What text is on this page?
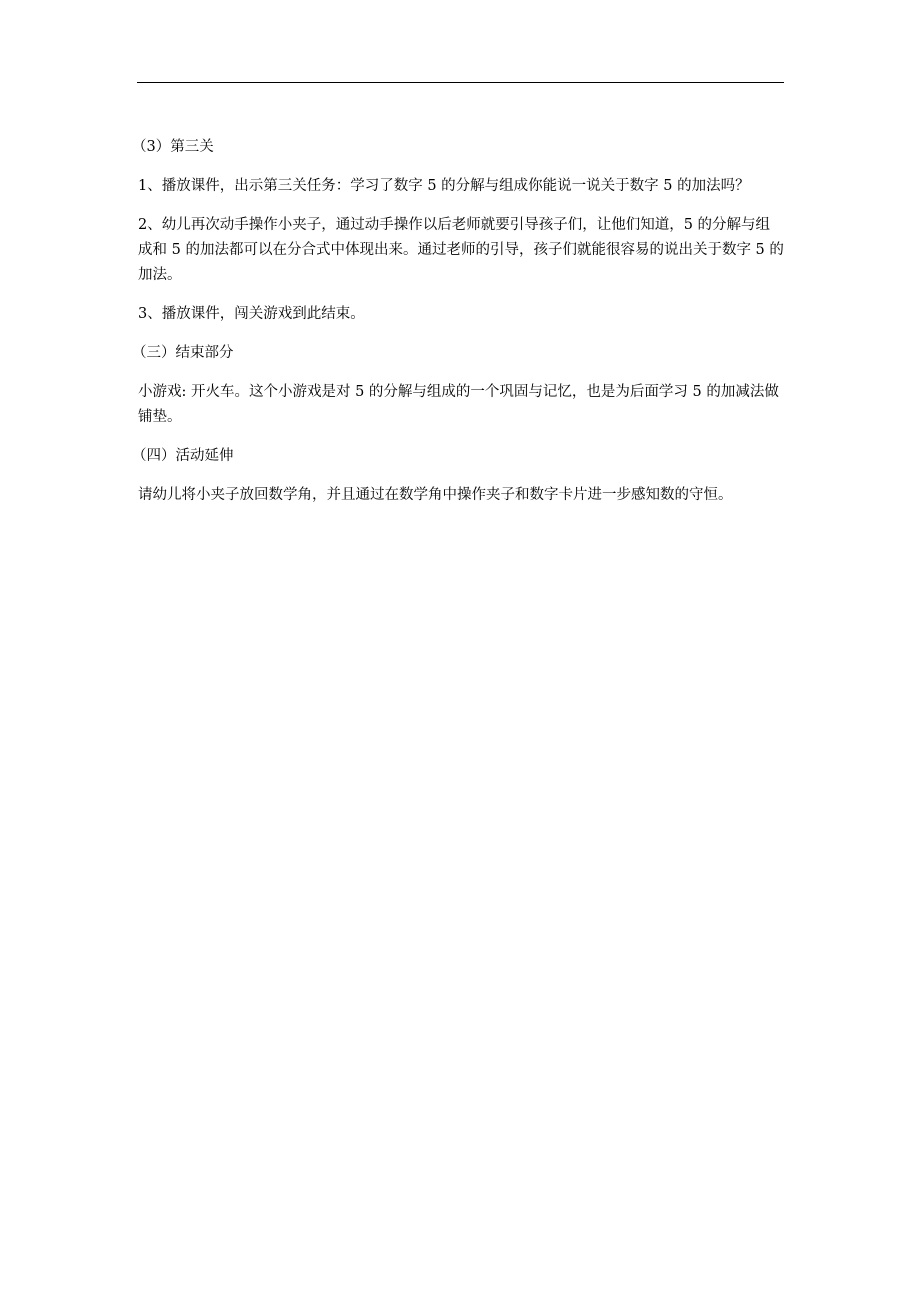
（3）第三关

1、播放课件，出示第三关任务：学习了数字 5 的分解与组成你能说一说关于数字 5 的加法吗？

2、幼儿再次动手操作小夹子，通过动手操作以后老师就要引导孩子们，让他们知道，5 的分解与组成和 5 的加法都可以在分合式中体现出来。通过老师的引导，孩子们就能很容易的说出关于数字 5 的加法。

3、播放课件，闯关游戏到此结束。

（三）结束部分

小游戏: 开火车。这个小游戏是对 5 的分解与组成的一个巩固与记忆，也是为后面学习 5 的加减法做铺垫。

（四）活动延伸

请幼儿将小夹子放回数学角，并且通过在数学角中操作夹子和数字卡片进一步感知数的守恒。
